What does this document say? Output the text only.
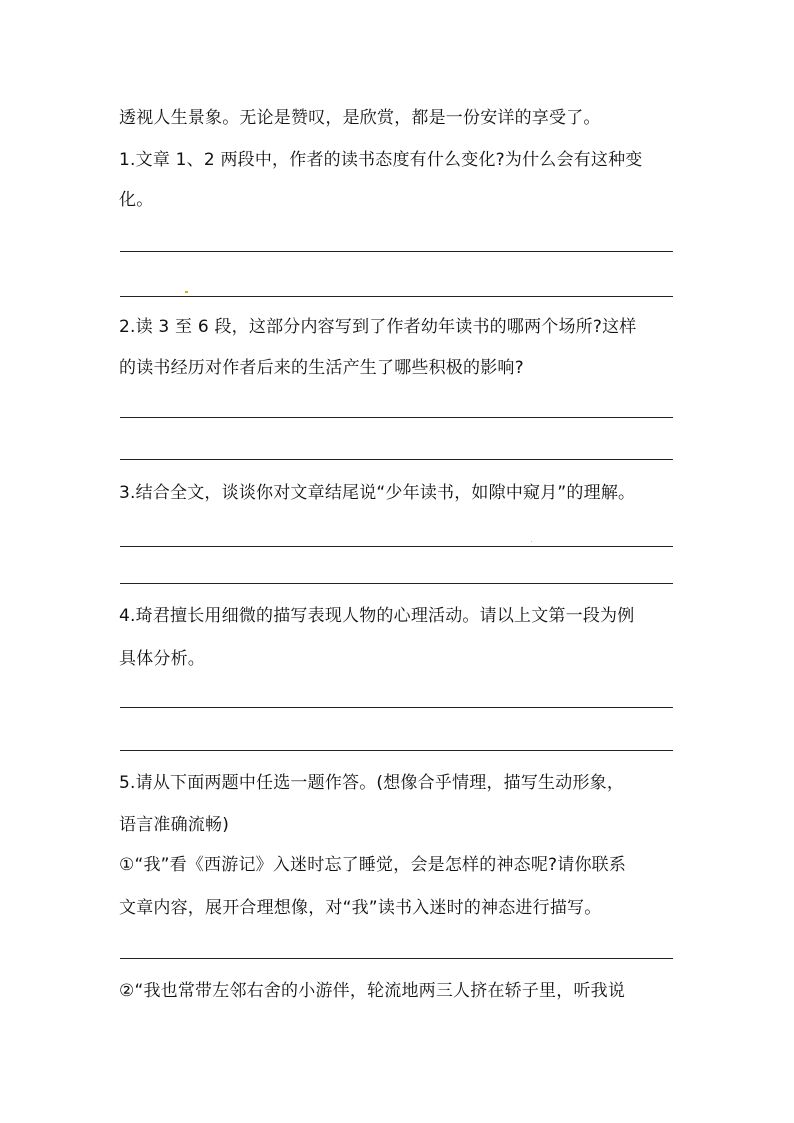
透视人生景象。无论是赞叹，是欣赏，都是一份安详的享受了。
1.文章 1、2 两段中，作者的读书态度有什么变化?为什么会有这种变
化。
2.读 3 至 6 段，这部分内容写到了作者幼年读书的哪两个场所?这样
的读书经历对作者后来的生活产生了哪些积极的影响?
3.结合全文，谈谈你对文章结尾说“少年读书，如隙中窥月”的理解。
4.琦君擅长用细微的描写表现人物的心理活动。请以上文第一段为例
具体分析。
5.请从下面两题中任选一题作答。(想像合乎情理，描写生动形象，
语言准确流畅)
①“我”看《西游记》入迷时忘了睡觉，会是怎样的神态呢?请你联系
文章内容，展开合理想像，对“我”读书入迷时的神态进行描写。
②“我也常带左邻右舍的小游伴，轮流地两三人挤在轿子里，听我说
